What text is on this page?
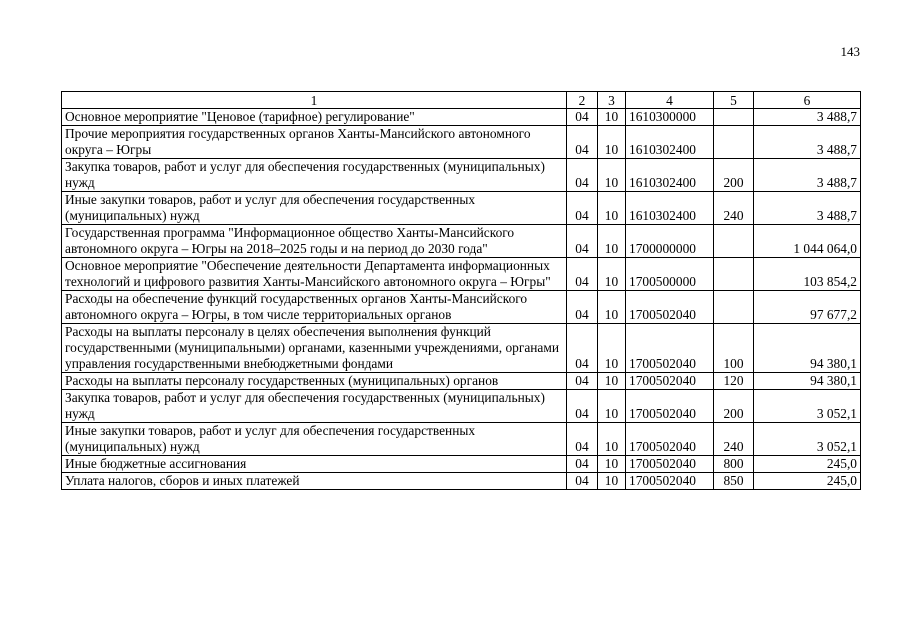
143
1	2	3	4	5	6
Основное мероприятие "Ценовое (тарифное) регулирование"	04	10	1610300000		3 488,7
Прочие мероприятия государственных органов Ханты-Мансийского автономного округа – Югры	04	10	1610302400		3 488,7
Закупка товаров, работ и услуг для обеспечения государственных (муниципальных) нужд	04	10	1610302400	200	3 488,7
Иные закупки товаров, работ и услуг для обеспечения государственных (муниципальных) нужд	04	10	1610302400	240	3 488,7
Государственная программа "Информационное общество Ханты-Мансийского автономного округа – Югры на 2018–2025 годы и на период до 2030 года"	04	10	1700000000		1 044 064,0
Основное мероприятие "Обеспечение деятельности Департамента информационных технологий и цифрового развития Ханты-Мансийского автономного округа – Югры"	04	10	1700500000		103 854,2
Расходы на обеспечение функций государственных органов Ханты-Мансийского автономного округа – Югры, в том числе территориальных органов	04	10	1700502040		97 677,2
Расходы на выплаты персоналу в целях обеспечения выполнения функций государственными (муниципальными) органами, казенными учреждениями, органами управления государственными внебюджетными фондами	04	10	1700502040	100	94 380,1
Расходы на выплаты персоналу государственных (муниципальных) органов	04	10	1700502040	120	94 380,1
Закупка товаров, работ и услуг для обеспечения государственных (муниципальных) нужд	04	10	1700502040	200	3 052,1
Иные закупки товаров, работ и услуг для обеспечения государственных (муниципальных) нужд	04	10	1700502040	240	3 052,1
Иные бюджетные ассигнования	04	10	1700502040	800	245,0
Уплата налогов, сборов и иных платежей	04	10	1700502040	850	245,0
